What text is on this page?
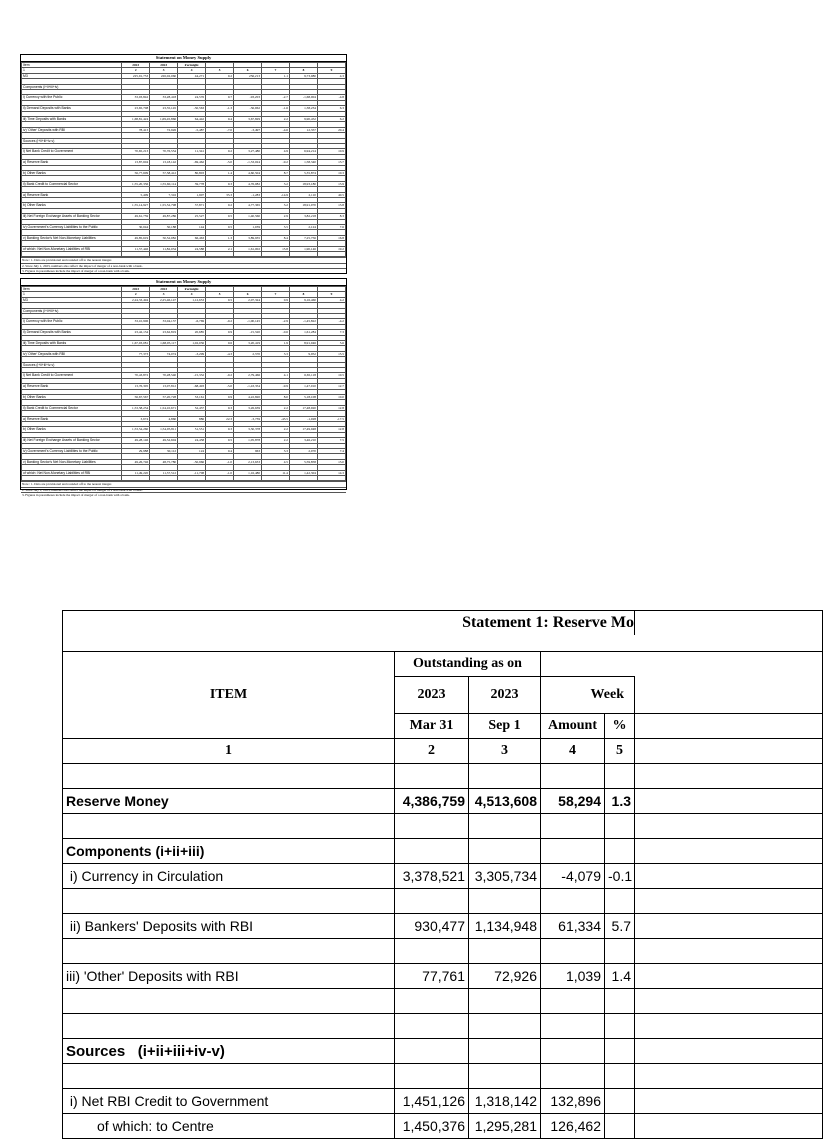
Statement on Money Supply
Item	2023	2023	Fortnight					
1	2	3	4	5	6	7	8	9
M3	225,91,733	226,02,060	44,271	0.2	256,213	1.1	9,73,980	4.3

Components (i+ii+iii+iv)								

i) Currency with the Public	33,03,842	33,28,418	24,576	0.7	-93,203	-2.7	-1,68,004	-4.8

ii) Demand Deposits with Banks	23,65,708	23,35,145	-30,563	-1.3	-36,962	-1.6	1,38,234	6.3

iii) Time Deposits with Banks	1,68,81,424	1,69,45,866	64,442	0.4	3,67,829	2.2	9,90,452	6.2

iv) 'Other' Deposits with RBI	78,413	72,926	-5,487	-7.0	-3,497	-4.6	12,357	20.4

Sources (i+ii+iii+iv-v)								

i) Net Bank Credit to Government	70,65,213	70,76,554	11,341	0.2	3,27,480	4.9	6,94,214	10.9

a) Reserve Bank	13,87,604	13,18,142	-69,462	-5.0	-1,33,024	-9.2	1,58,340	13.7

b) Other Banks	56,77,609	57,58,412	80,803	1.4	4,60,504	8.7	5,35,874	10.3

ii) Bank Credit to Commercial Sector	1,55,20,336	1,55,60,114	39,778	0.3	4,76,082	3.2	18,93,180	13.9

a) Reserve Bank	5,409	7,316	1,907	35.3	-1,283	-14.9	2,110	40.5

b) Other Banks	1,55,14,927	1,55,52,798	37,871	0.2	4,77,365	3.2	18,91,070	13.8

iii) Net Foreign Exchange Assets of Banking Sector	49,61,759	49,87,286	25,527	0.5	1,40,560	2.9	3,82,218	8.3

iv) Government's Currency Liabilities to the Public	30,044	30,188	144	0.5	1,039	3.5	2,124	7.6

v) Banking Sector's Net Non-Monetary Liabilities	49,85,619	50,52,082	66,463	1.3	3,89,935	8.4	7,25,756	16.8

of which: Net Non-Monetary Liabilities of RBI	11,57,446	11,82,034	24,588	2.1	1,61,002	15.8	1,90,146	19.2

Note : 1. Data are provisional and rounded off to the nearest integer.
2. Since July 1, 2023, numbers also reflect the impact of merger of a non-bank with a bank.
3. Figures in parentheses include the impact of merger of a non-bank with a bank.
Statement on Money Supply
Item	2023	2023	Fortnight					
1	2	3	4	5	6	7	8	9
M3	2,24,33,494	2,25,46,147	1,12,653	0.5	2,07,324	0.9	9,16,460	4.2

Components (i+ii+iii+iv)								

i) Currency with the Public	33,10,906	33,04,137	-6,769	-0.2	-1,00,145	-2.9	-1,45,822	-4.2

ii) Demand Deposits with Banks	23,42,134	23,62,819	20,685	0.9	-15,320	-0.6	1,61,284	7.3

iii) Time Deposits with Banks	1,67,03,081	1,68,05,117	1,02,036	0.6	3,20,419	1.9	8,91,046	5.6

iv) 'Other' Deposits with RBI	77,373	74,074	-3,299	-4.3	2,370	3.3	9,952	15.5

Sources (i+ii+iii+iv-v)								

i) Net Bank Credit to Government	70,43,872	70,28,540	-15,332	-0.2	2,79,466	4.1	6,65,118	10.5

a) Reserve Bank	13,76,305	13,07,812	-68,493	-5.0	-1,43,354	-9.9	1,47,010	12.7

b) Other Banks	56,67,567	57,20,728	53,161	0.9	4,22,820	8.0	5,18,108	10.0

ii) Bank Credit to Commercial Sector	1,53,58,234	1,54,10,671	52,437	0.3	3,26,639	2.2	17,48,920	12.8

a) Reserve Bank	3,974	4,860	886	22.3	-3,739	-43.5	-1,028	-17.5

b) Other Banks	1,53,54,260	1,54,05,811	51,551	0.3	3,30,378	2.2	17,49,948	12.8

iii) Net Foreign Exchange Assets of Banking Sector	49,28,146	49,52,604	24,458	0.5	1,05,878	2.2	3,46,210	7.5

iv) Government's Currency Liabilities to the Public	29,988	30,112	124	0.4	963	3.3	2,070	7.4

v) Banking Sector's Net Non-Monetary Liabilities	49,26,746	48,75,780	-50,966	-1.0	2,13,633	4.5	5,59,858	13.0

of which: Net Non-Monetary Liabilities of RBI	11,49,220	11,37,512	-11,708	-1.0	1,16,480	11.4	1,42,304	14.3

Note : 1. Data are provisional and rounded off to the nearest integer.
2. Since July 1, 2023, numbers also reflect the impact of merger of a non-bank with a bank.
3. Figures in parentheses include the impact of merger of a non-bank with a bank.
Statement 1: Reserve Mo					

ITEM	Outstanding as on				
	2023	2023	Week		
	Mar 31	Sep 1	Amount	%	
1	2	3	4	5	

Reserve Money	4,386,759	4,513,608	58,294	1.3	

Components (i+ii+iii)					
i) Currency in Circulation	3,378,521	3,305,734	-4,079	-0.1	

ii) Bankers' Deposits with RBI	930,477	1,134,948	61,334	5.7	

iii) 'Other' Deposits with RBI	77,761	72,926	1,039	1.4	

Sources   (i+ii+iii+iv-v)					

i) Net RBI Credit to Government	1,451,126	1,318,142	132,896		
of which: to Centre	1,450,376	1,295,281	126,462		
